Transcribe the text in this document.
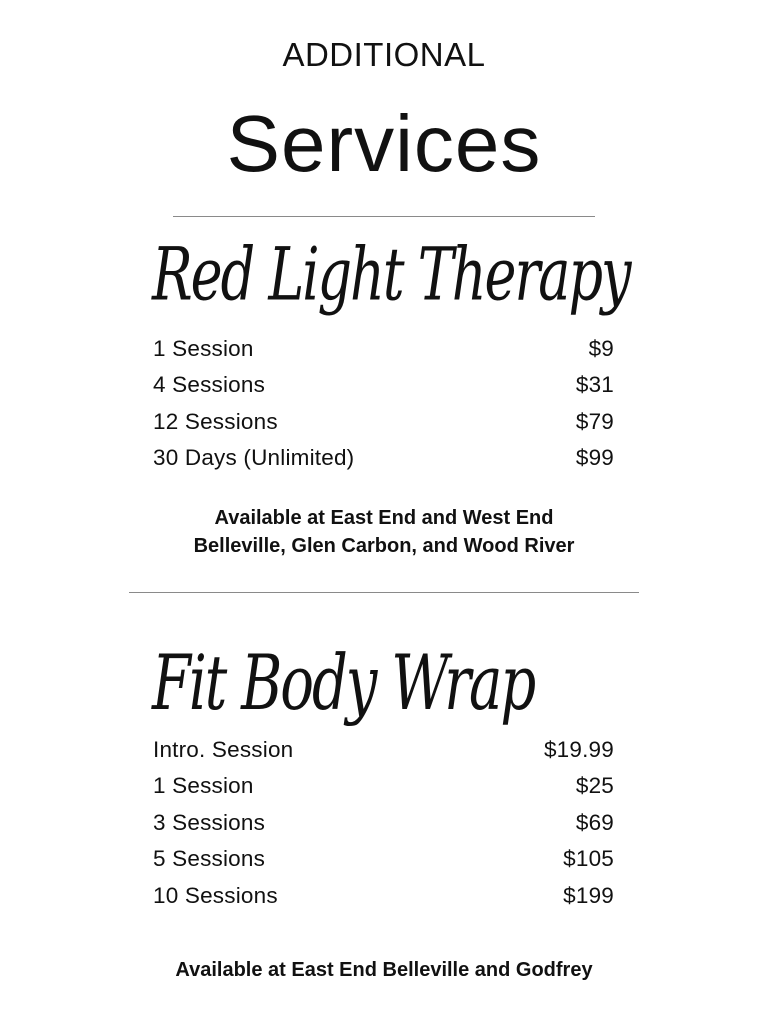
ADDITIONAL
Services
Red Light Therapy
1 Session	$9
4 Sessions	$31
12 Sessions	$79
30 Days (Unlimited)	$99
Available at East End and West End Belleville, Glen Carbon, and Wood River
Fit Body Wrap
Intro. Session	$19.99
1 Session	$25
3 Sessions	$69
5 Sessions	$105
10 Sessions	$199
Available at East End Belleville and Godfrey
